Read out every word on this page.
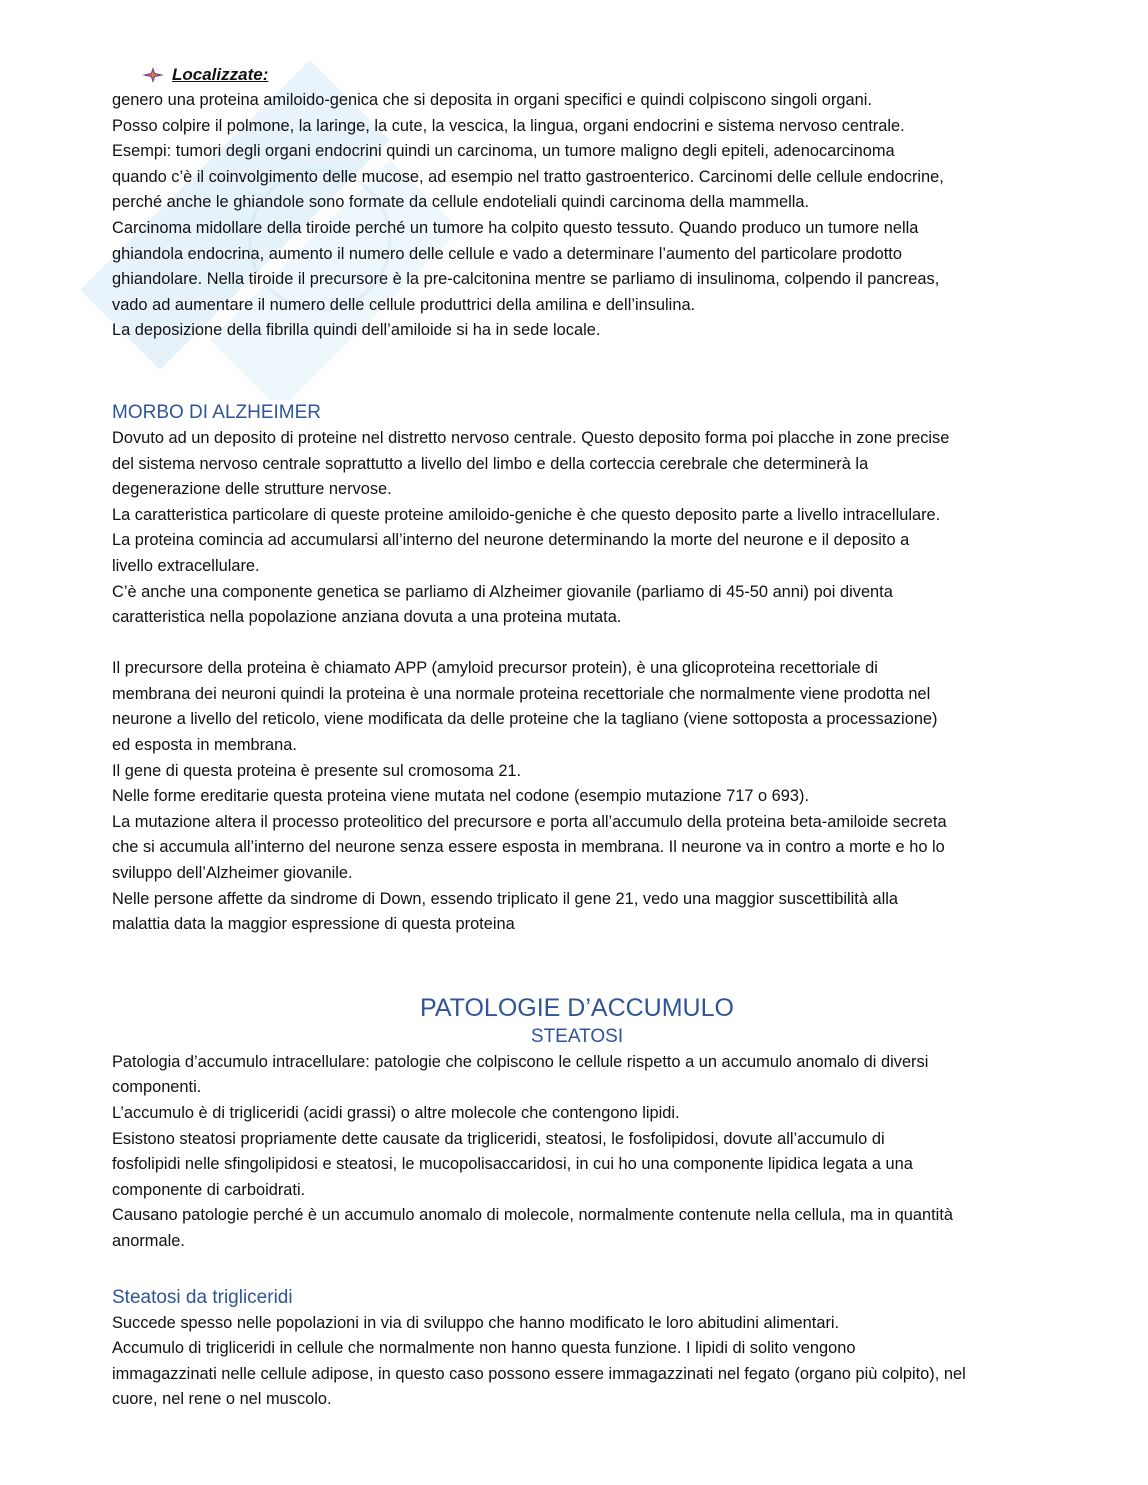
Localizzate:

genero una proteina amiloido-genica che si deposita in organi specifici e quindi colpiscono singoli organi.

Posso colpire il polmone, la laringe, la cute, la vescica, la lingua, organi endocrini e sistema nervoso centrale.

Esempi: tumori degli organi endocrini quindi un carcinoma, un tumore maligno degli epiteli, adenocarcinoma

quando c’è il coinvolgimento delle mucose, ad esempio nel tratto gastroenterico. Carcinomi delle cellule endocrine,

perché anche le ghiandole sono formate da cellule endoteliali quindi carcinoma della mammella.

Carcinoma midollare della tiroide perché un tumore ha colpito questo tessuto. Quando produco un tumore nella

ghiandola endocrina, aumento il numero delle cellule e vado a determinare l’aumento del particolare prodotto

ghiandolare. Nella tiroide il precursore è la pre-calcitonina mentre se parliamo di insulinoma, colpendo il pancreas,

vado ad aumentare il numero delle cellule produttrici della amilina e dell’insulina.

La deposizione della fibrilla quindi dell’amiloide si ha in sede locale.

MORBO DI ALZHEIMER

Dovuto ad un deposito di proteine nel distretto nervoso centrale. Questo deposito forma poi placche in zone precise

del sistema nervoso centrale soprattutto a livello del limbo e della corteccia cerebrale che determinerà la

degenerazione delle strutture nervose.

La caratteristica particolare di queste proteine amiloido-geniche è che questo deposito parte a livello intracellulare.

La proteina comincia ad accumularsi all’interno del neurone determinando la morte del neurone e il deposito a

livello extracellulare.

C’è anche una componente genetica se parliamo di Alzheimer giovanile (parliamo di 45-50 anni) poi diventa

caratteristica nella popolazione anziana dovuta a una proteina mutata.

Il precursore della proteina è chiamato APP (amyloid precursor protein), è una glicoproteina recettoriale di

membrana dei neuroni quindi la proteina è una normale proteina recettoriale che normalmente viene prodotta nel

neurone a livello del reticolo, viene modificata da delle proteine che la tagliano (viene sottoposta a processazione)

ed esposta in membrana.

Il gene di questa proteina è presente sul cromosoma 21.

Nelle forme ereditarie questa proteina viene mutata nel codone (esempio mutazione 717 o 693).

La mutazione altera il processo proteolitico del precursore e porta all’accumulo della proteina beta-amiloide secreta

che si accumula all’interno del neurone senza essere esposta in membrana. Il neurone va in contro a morte e ho lo

sviluppo dell’Alzheimer giovanile.

Nelle persone affette da sindrome di Down, essendo triplicato il gene 21, vedo una maggior suscettibilità alla

malattia data la maggior espressione di questa proteina

PATOLOGIE D’ACCUMULO
STEATOSI

Patologia d’accumulo intracellulare: patologie che colpiscono le cellule rispetto a un accumulo anomalo di diversi

componenti.

L’accumulo è di trigliceridi (acidi grassi) o altre molecole che contengono lipidi.

Esistono steatosi propriamente dette causate da trigliceridi, steatosi, le fosfolipidosi, dovute all’accumulo di

fosfolipidi nelle sfingolipidosi e steatosi, le mucopolisaccaridosi, in cui ho una componente lipidica legata a una

componente di carboidrati.

Causano patologie perché è un accumulo anomalo di molecole, normalmente contenute nella cellula, ma in quantità

anormale.

Steatosi da trigliceridi

Succede spesso nelle popolazioni in via di sviluppo che hanno modificato le loro abitudini alimentari.

Accumulo di trigliceridi in cellule che normalmente non hanno questa funzione. I lipidi di solito vengono

immagazzinati nelle cellule adipose, in questo caso possono essere immagazzinati nel fegato (organo più colpito), nel

cuore, nel rene o nel muscolo.
